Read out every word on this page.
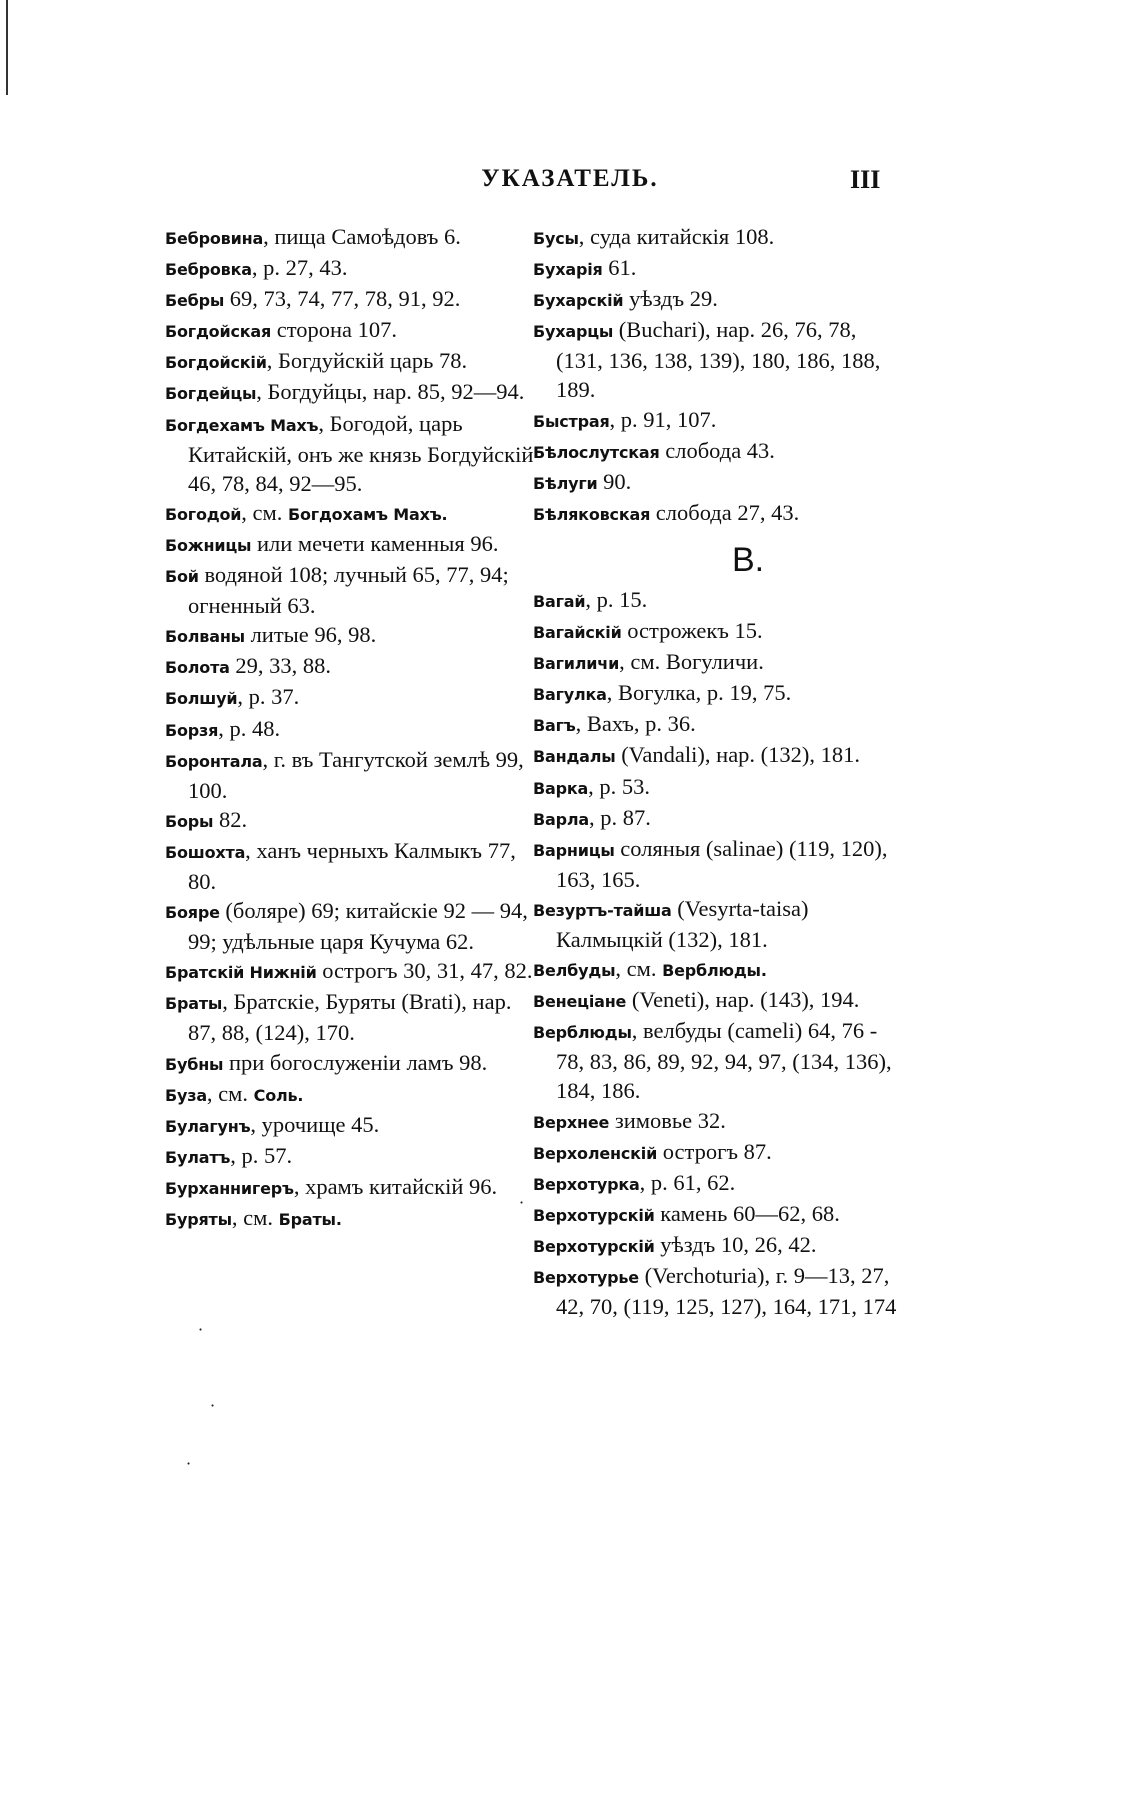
УКАЗАТЕЛЬ.	III
Бебровина, пища Самоѣдовъ 6.
Бебровка, р. 27, 43.
Бебры 69, 73, 74, 77, 78, 91, 92.
Богдойская сторона 107.
Богдойскій, Богдуйскій царь 78.
Богдейцы, Богдуйцы, нар. 85, 92—94.
Богдехамъ Махъ, Богодой, царь Китайскій, онъ же князь Богдуйскій 46, 78, 84, 92—95.
Богодой, см. Богдохамъ Махъ.
Божницы или мечети каменныя 96.
Бой водяной 108; лучный 65, 77, 94; огненный 63.
Болваны литые 96, 98.
Болота 29, 33, 88.
Болшуй, р. 37.
Борзя, р. 48.
Боронтала, г. въ Тангутской землѣ 99, 100.
Боры 82.
Бошохта, ханъ черныхъ Калмыкъ 77, 80.
Бояре (боляре) 69; китайскіе 92 — 94, 99; удѣльные царя Кучума 62.
Братскій Нижній острогъ 30, 31, 47, 82.
Браты, Братскіе, Буряты (Brati), нар. 87, 88, (124), 170.
Бубны при богослуженіи ламъ 98.
Буза, см. Соль.
Булагунъ, урочище 45.
Булатъ, р. 57.
Бурханнигеръ, храмъ китайскій 96.
Буряты, см. Браты.
Бусы, суда китайскія 108.
Бухарія 61.
Бухарскій уѣздъ 29.
Бухарцы (Buchari), нар. 26, 76, 78, (131, 136, 138, 139), 180, 186, 188, 189.
Быстрая, р. 91, 107.
Бѣлослутская слобода 43.
Бѣлуги 90.
Бѣляковская слобода 27, 43.
В.
Вагай, р. 15.
Вагайскій острожекъ 15.
Вагиличи, см. Вогуличи.
Вагулка, Вогулка, р. 19, 75.
Вагъ, Вахъ, р. 36.
Вандалы (Vandali), нар. (132), 181.
Варка, р. 53.
Варла, р. 87.
Варницы соляныя (salinae) (119, 120), 163, 165.
Везуртъ-тайша (Vesyrta-taisa) Калмыцкій (132), 181.
Велбуды, см. Верблюды.
Венеціане (Veneti), нар. (143), 194.
Верблюды, велбуды (cameli) 64, 76 - 78, 83, 86, 89, 92, 94, 97, (134, 136), 184, 186.
Верхнее зимовье 32.
Верхоленскій острогъ 87.
Верхотурка, р. 61, 62.
Верхотурскій камень 60—62, 68.
Верхотурскій уѣздъ 10, 26, 42.
Верхотурье (Verchoturia), г. 9—13, 27, 42, 70, (119, 125, 127), 164, 171, 174
·
·
·
·
